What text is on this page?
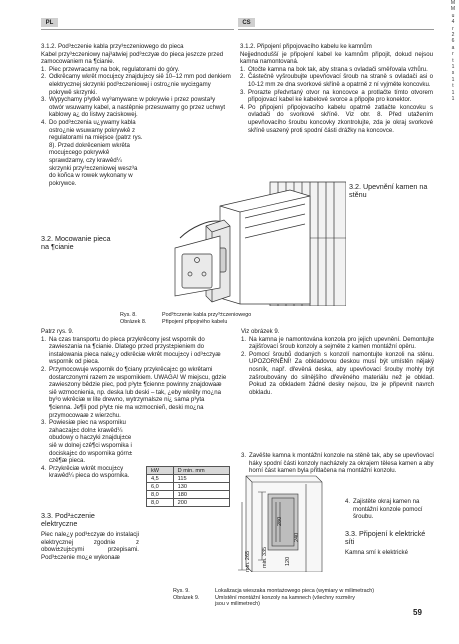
PL	CS
M
M
u
4
r
2
6
a
r
t
1
s
1
t
1
1

3.1.2. Pod³±czenie kabla przy³±czeniowego do pieca

Kabel przy³±czeniowy naj³atwiej pod³±czyæ do pieca jeszcze przed zamocowaniem na ¶cianie.

1. Piec przewracamy na bok, regulatorami do góry.
2. Odkrêcamy wkrêt mocuj±cy znajduj±cy siê 10–12 mm pod denkiem elektrycznej skrzynki pod³±czeniowej i ostro¿nie wyci±gamy pokrywê skrzynki.
3. Wypychamy p³ytkê wy³amywan± w pokrywie i przez powsta³y otwór wsuwamy kabel, a nastêpnie przesuwamy go przez uchwyt kablowy a¿ do listwy zaciskowej.
4. Do pod³±czenia u¿ywamy kabla ostro¿nie wsuwamy pokrywkê z regulatorami na miejsce (patrz rys. 8). Przed dokrêceniem wkrêta mocuj±cego pokrywkê sprawdzamy, czy krawêd¼ skrzynki przy³±czeniowej wesz³a do koñca w rowek wykonany w pokrywce.

3.1.2. Připojení připojovacího kabelu ke kamnům

Nejjednodušší je připojení kabel ke kamnům připojit, dokud nejsou kamna namontovaná.

1. Otočte kamna na bok tak, aby strana s ovladači směřovala vzhůru.
2. Částečně vyšroubujte upevňovací šroub na straně s ovladači asi o 10-12 mm ze dna svorkové skříně a opatrně z ní vyjměte koncovku.
3. Prorazte předvrtaný otvor na koncovce a protlačte tímto otvorem připojovací kabel ke kabelové svorce a připojte pro konektor.
4. Po připojení připojovacího kabelu opatrně zatlačte koncovku s ovladači do svorkové skříně. Viz obr. 8. Před utažením upevňovacího šroubu koncovky zkontrolujte, zda je okraj svorkové skříně usazený proti spodní části drážky na koncovce.
3.2. Mocowanie pieca na ¶cianie
3.2. Upevnění kamen na stěnu
Rys. 8.	Pod³±czenie kabla przy³±czeniowego
Obrázek 8.	Připojení připojného kabelu

Patrz rys. 9.

1. Na czas transportu do pieca przykrêcony jest wspornik do zawieszania na ¶cianie. Dlatego przed przyst±pieniem do instalowania pieca nale¿y odkrêciæ wkrêt mocuj±cy i od³±czyæ wspornik od pieca.
2. Przymocowuje wspornik do ¶ciany przykrêcaj±c go wkrêtami dostarczonymi razem ze wspornikiem. UWAGA! W miejscu, gdzie zawieszony bêdzie piec, pod p³yt± ¶cienn± powinny znajdowaæ siê wzmocnienia, np. deska lub deski – tak, ¿eby wkrêty mo¿na by³o wkrêciæ w litе drewno, wytrzymalsze ni¿ sama p³yta ¶cienna. Je¶li pod p³yt± nie ma wzmocnieñ, deski mo¿na przymocowaæ z wierzchu.
3. Powiesiæ piec na wsporniku zahaczaj±c doln± krawêd¼ obudowy o haczyki znajduj±ce siê w dolnej czê¶ci wspornika i dociskaj±c do wspornika górn± czê¶æ pieca.
4. Przykrêciæ wkrêt mocuj±cy krawêd¼ pieca do wspornika.
3.3. Pod³±czenie elektryczne
Piec nale¿y pod³±czyæ do instalacji elektrycznej zgodnie z obowi±zuj±cymi przepisami. Pod³±czenie mo¿e wykonaæ
kW	D min. mm
4,5	115
6,0	130
8,0	180
8,0	200
280
240
min. 265 min. 335	120

Viz obrázek 9.

1. Na kamna je namontována konzola pro jejich upevnění. Demontujte zajišťovací šroub konzoly a sejměte z kamen montážní opěru.
2. Pomocí šroubů dodaných s konzolí namontujte konzoli na stěnu. UPOZORNĚNÍ! Za obkladovou deskou musí být umístěn nějaký nosník, např. dřevěná deska, aby upevňovací šrouby mohly být zašroubovány do silnějšího dřevěného materiálu než je obklad. Pokud za obkladem žádné desky nejsou, lze je připevnit navrch obkladu.
3. Zavěšte kamna k montážní konzole na stěně tak, aby se upevňovací háky spodní části konzoly nacházely za okrajem tělesa kamen a aby horní část kamen byla přitlačena na montážní konzolu.
4. Zajistěte okraj kamen na montážní konzole pomocí šroubu.
3.3. Připojení k elektrické síti
Kamna smí k elektrické
Rys. 9.	Lokalizacja wieszaka montażowego pieca (wymiary w milimetrach)
Obrázek 9.	Umístění montážní konzoly na kamnech (všechny rozměry jsou v milimetrech)
59
